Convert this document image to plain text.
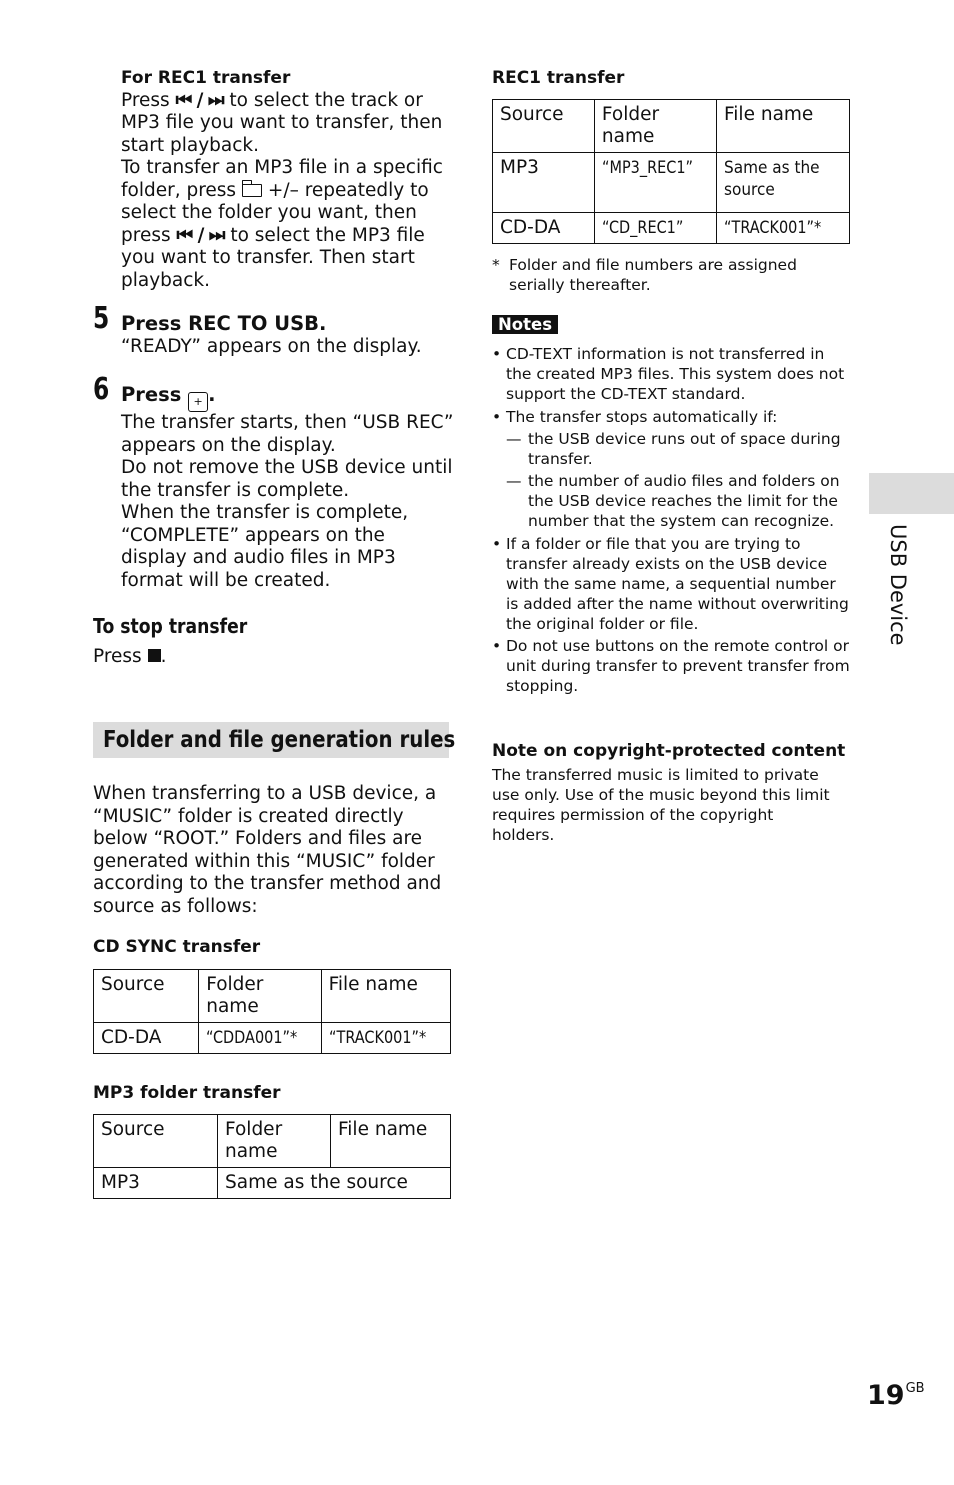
For REC1 transfer
Press ⏮ / ⏭ to select the track or MP3 file you want to transfer, then start playback.
To transfer an MP3 file in a specific folder, press  +/– repeatedly to select the folder you want, then press ⏮ / ⏭ to select the MP3 file you want to transfer. Then start playback.
5 Press REC TO USB.
“READY” appears on the display.
6 Press + .
The transfer starts, then “USB REC” appears on the display.
Do not remove the USB device until the transfer is complete.
When the transfer is complete, “COMPLETE” appears on the display and audio files in MP3 format will be created.
To stop transfer
Press .
Folder and file generation rules
When transferring to a USB device, a “MUSIC” folder is created directly below “ROOT.” Folders and files are generated within this “MUSIC” folder according to the transfer method and source as follows:
CD SYNC transfer
Source	Folder name	File name
CD-DA	“CDDA001”*	“TRACK001”*
MP3 folder transfer
Source	Folder name	File name
MP3	Same as the source	
REC1 transfer
Source	Folder name	File name
MP3	“MP3_REC1”	Same as the source
CD-DA	“CD_REC1”	“TRACK001”*
* Folder and file numbers are assigned serially thereafter.
Notes
• CD-TEXT information is not transferred in the created MP3 files. This system does not support the CD-TEXT standard.
• The transfer stops automatically if:
— the USB device runs out of space during transfer.
— the number of audio files and folders on the USB device reaches the limit for the number that the system can recognize.
• If a folder or file that you are trying to transfer already exists on the USB device with the same name, a sequential number is added after the name without overwriting the original folder or file.
• Do not use buttons on the remote control or unit during transfer to prevent transfer from stopping.
Note on copyright-protected content
The transferred music is limited to private use only. Use of the music beyond this limit requires permission of the copyright holders.
USB Device
$19^{GB}$
